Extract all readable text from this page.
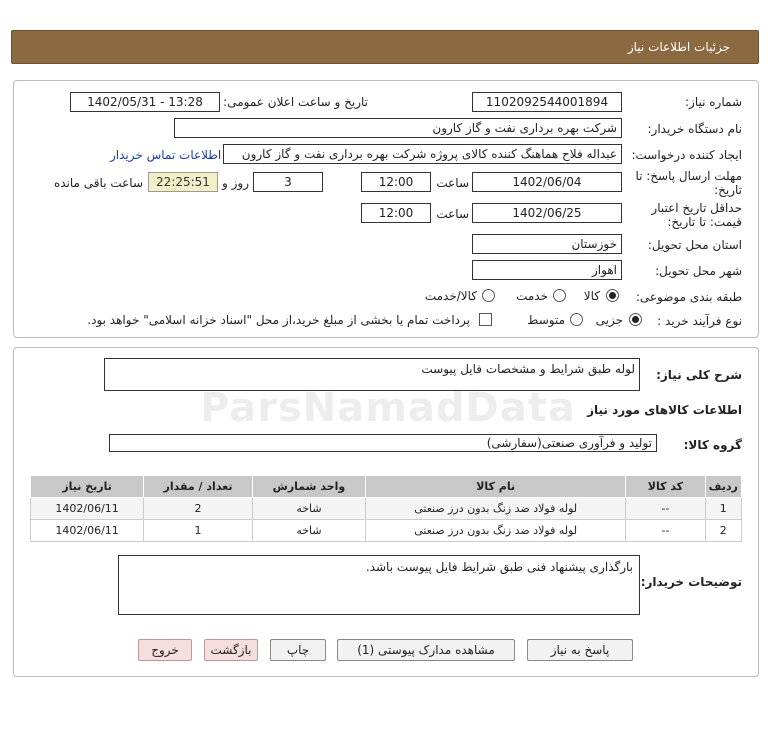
جزئیات اطلاعات نیاز
شماره نیاز:
1102092544001894
تاریخ و ساعت اعلان عمومی:
1402/05/31 - 13:28
نام دستگاه خریدار:
شرکت بهره برداری نفت و گاز کارون
ایجاد کننده درخواست:
عبداله فلاح هماهنگ کننده کالای پروژه شرکت بهره برداری نفت و گاز کارون
اطلاعات تماس خریدار
مهلت ارسال پاسخ: تا
تاریخ:
1402/06/04
ساعت
12:00
3
روز و
22:25:51
ساعت باقی مانده
حداقل تاریخ اعتبار
قیمت: تا تاریخ:
1402/06/25
ساعت
12:00
استان محل تحویل:
خوزستان
شهر محل تحویل:
اهواز
طبقه بندی موضوعی:
کالا
خدمت
کالا/خدمت
نوع فرآیند خرید :
جزیی
متوسط
پرداخت تمام یا بخشی از مبلغ خرید،از محل "اسناد خزانه اسلامی" خواهد بود.
شرح کلی نیاز:
لوله طبق شرایط و مشخصات فایل پیوست
اطلاعات کالاهای مورد نیاز
گروه کالا:
تولید و فرآوری صنعتی(سفارشی)
ردیف	کد کالا	نام کالا	واحد شمارش	تعداد / مقدار	تاریخ نیاز
1	--	لوله فولاد ضد زنگ بدون درز صنعتی	شاخه	2	1402/06/11
2	--	لوله فولاد ضد زنگ بدون درز صنعتی	شاخه	1	1402/06/11
توضیحات خریدار:
بارگذاری پیشنهاد فنی طبق شرایط فایل پیوست باشد.
پاسخ به نیاز
مشاهده مدارک پیوستی (1)
چاپ
بازگشت
خروج
